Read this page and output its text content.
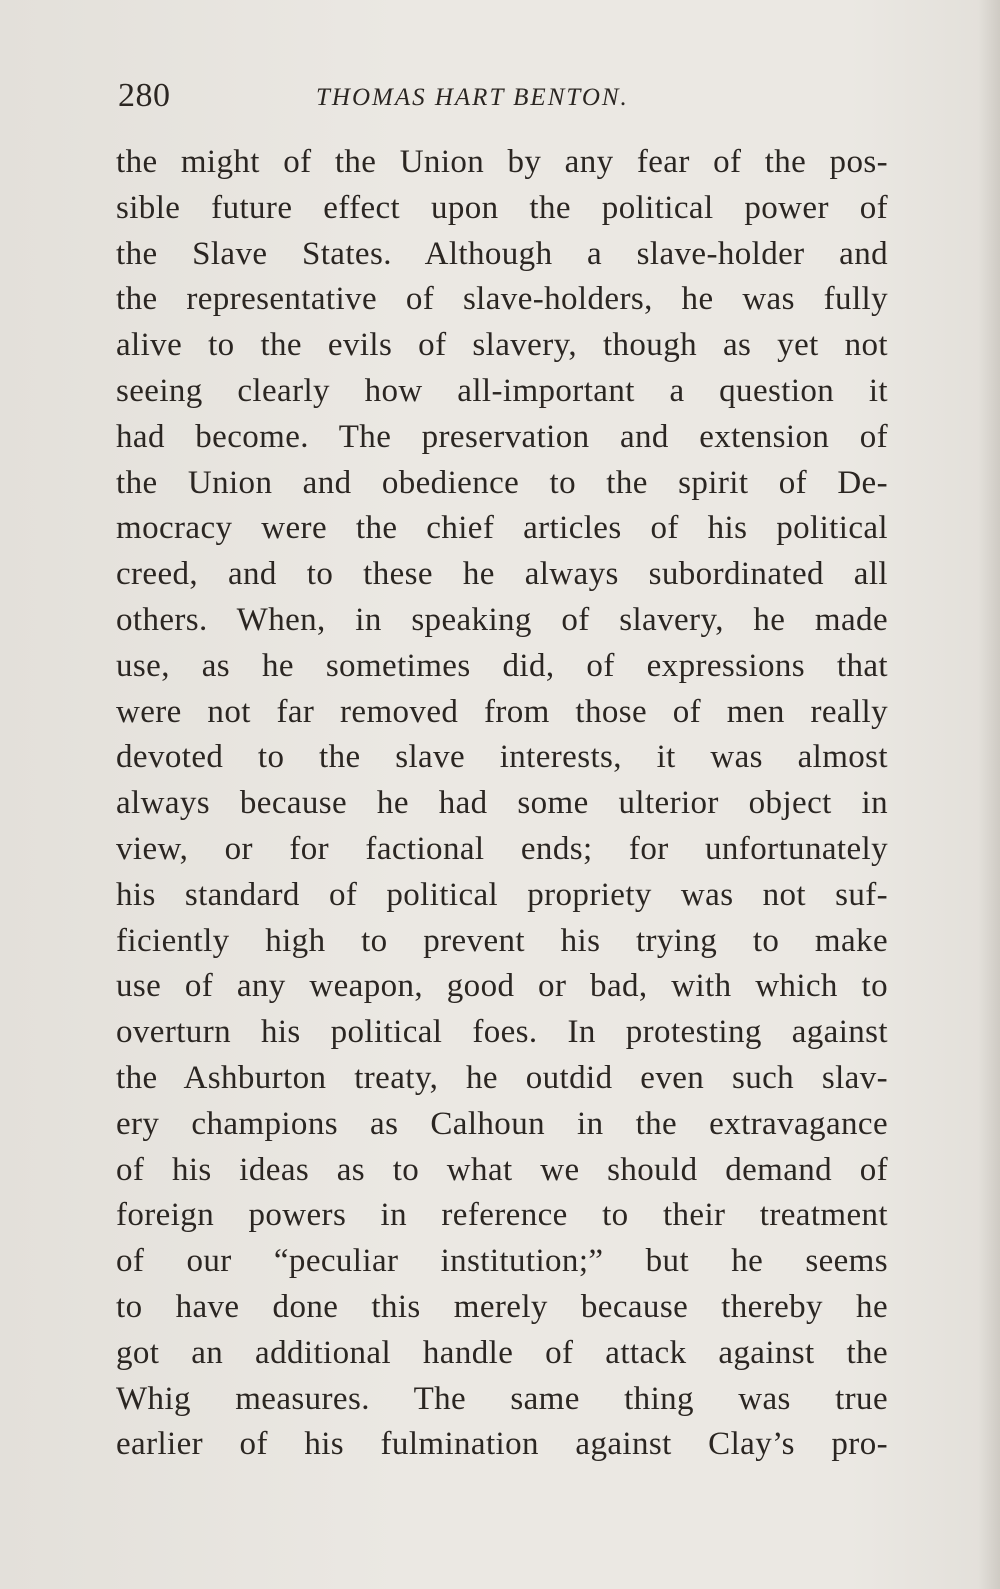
280	THOMAS HART BENTON.
the might of the Union by any fear of the pos-
sible future effect upon the political power of
the Slave States. Although a slave-holder and
the representative of slave-holders, he was fully
alive to the evils of slavery, though as yet not
seeing clearly how all-important a question it
had become. The preservation and extension of
the Union and obedience to the spirit of De-
mocracy were the chief articles of his political
creed, and to these he always subordinated all
others. When, in speaking of slavery, he made
use, as he sometimes did, of expressions that
were not far removed from those of men really
devoted to the slave interests, it was almost
always because he had some ulterior object in
view, or for factional ends; for unfortunately
his standard of political propriety was not suf-
ficiently high to prevent his trying to make
use of any weapon, good or bad, with which to
overturn his political foes. In protesting against
the Ashburton treaty, he outdid even such slav-
ery champions as Calhoun in the extravagance
of his ideas as to what we should demand of
foreign powers in reference to their treatment
of our “peculiar institution;” but he seems
to have done this merely because thereby he
got an additional handle of attack against the
Whig measures. The same thing was true
earlier of his fulmination against Clay’s pro-
